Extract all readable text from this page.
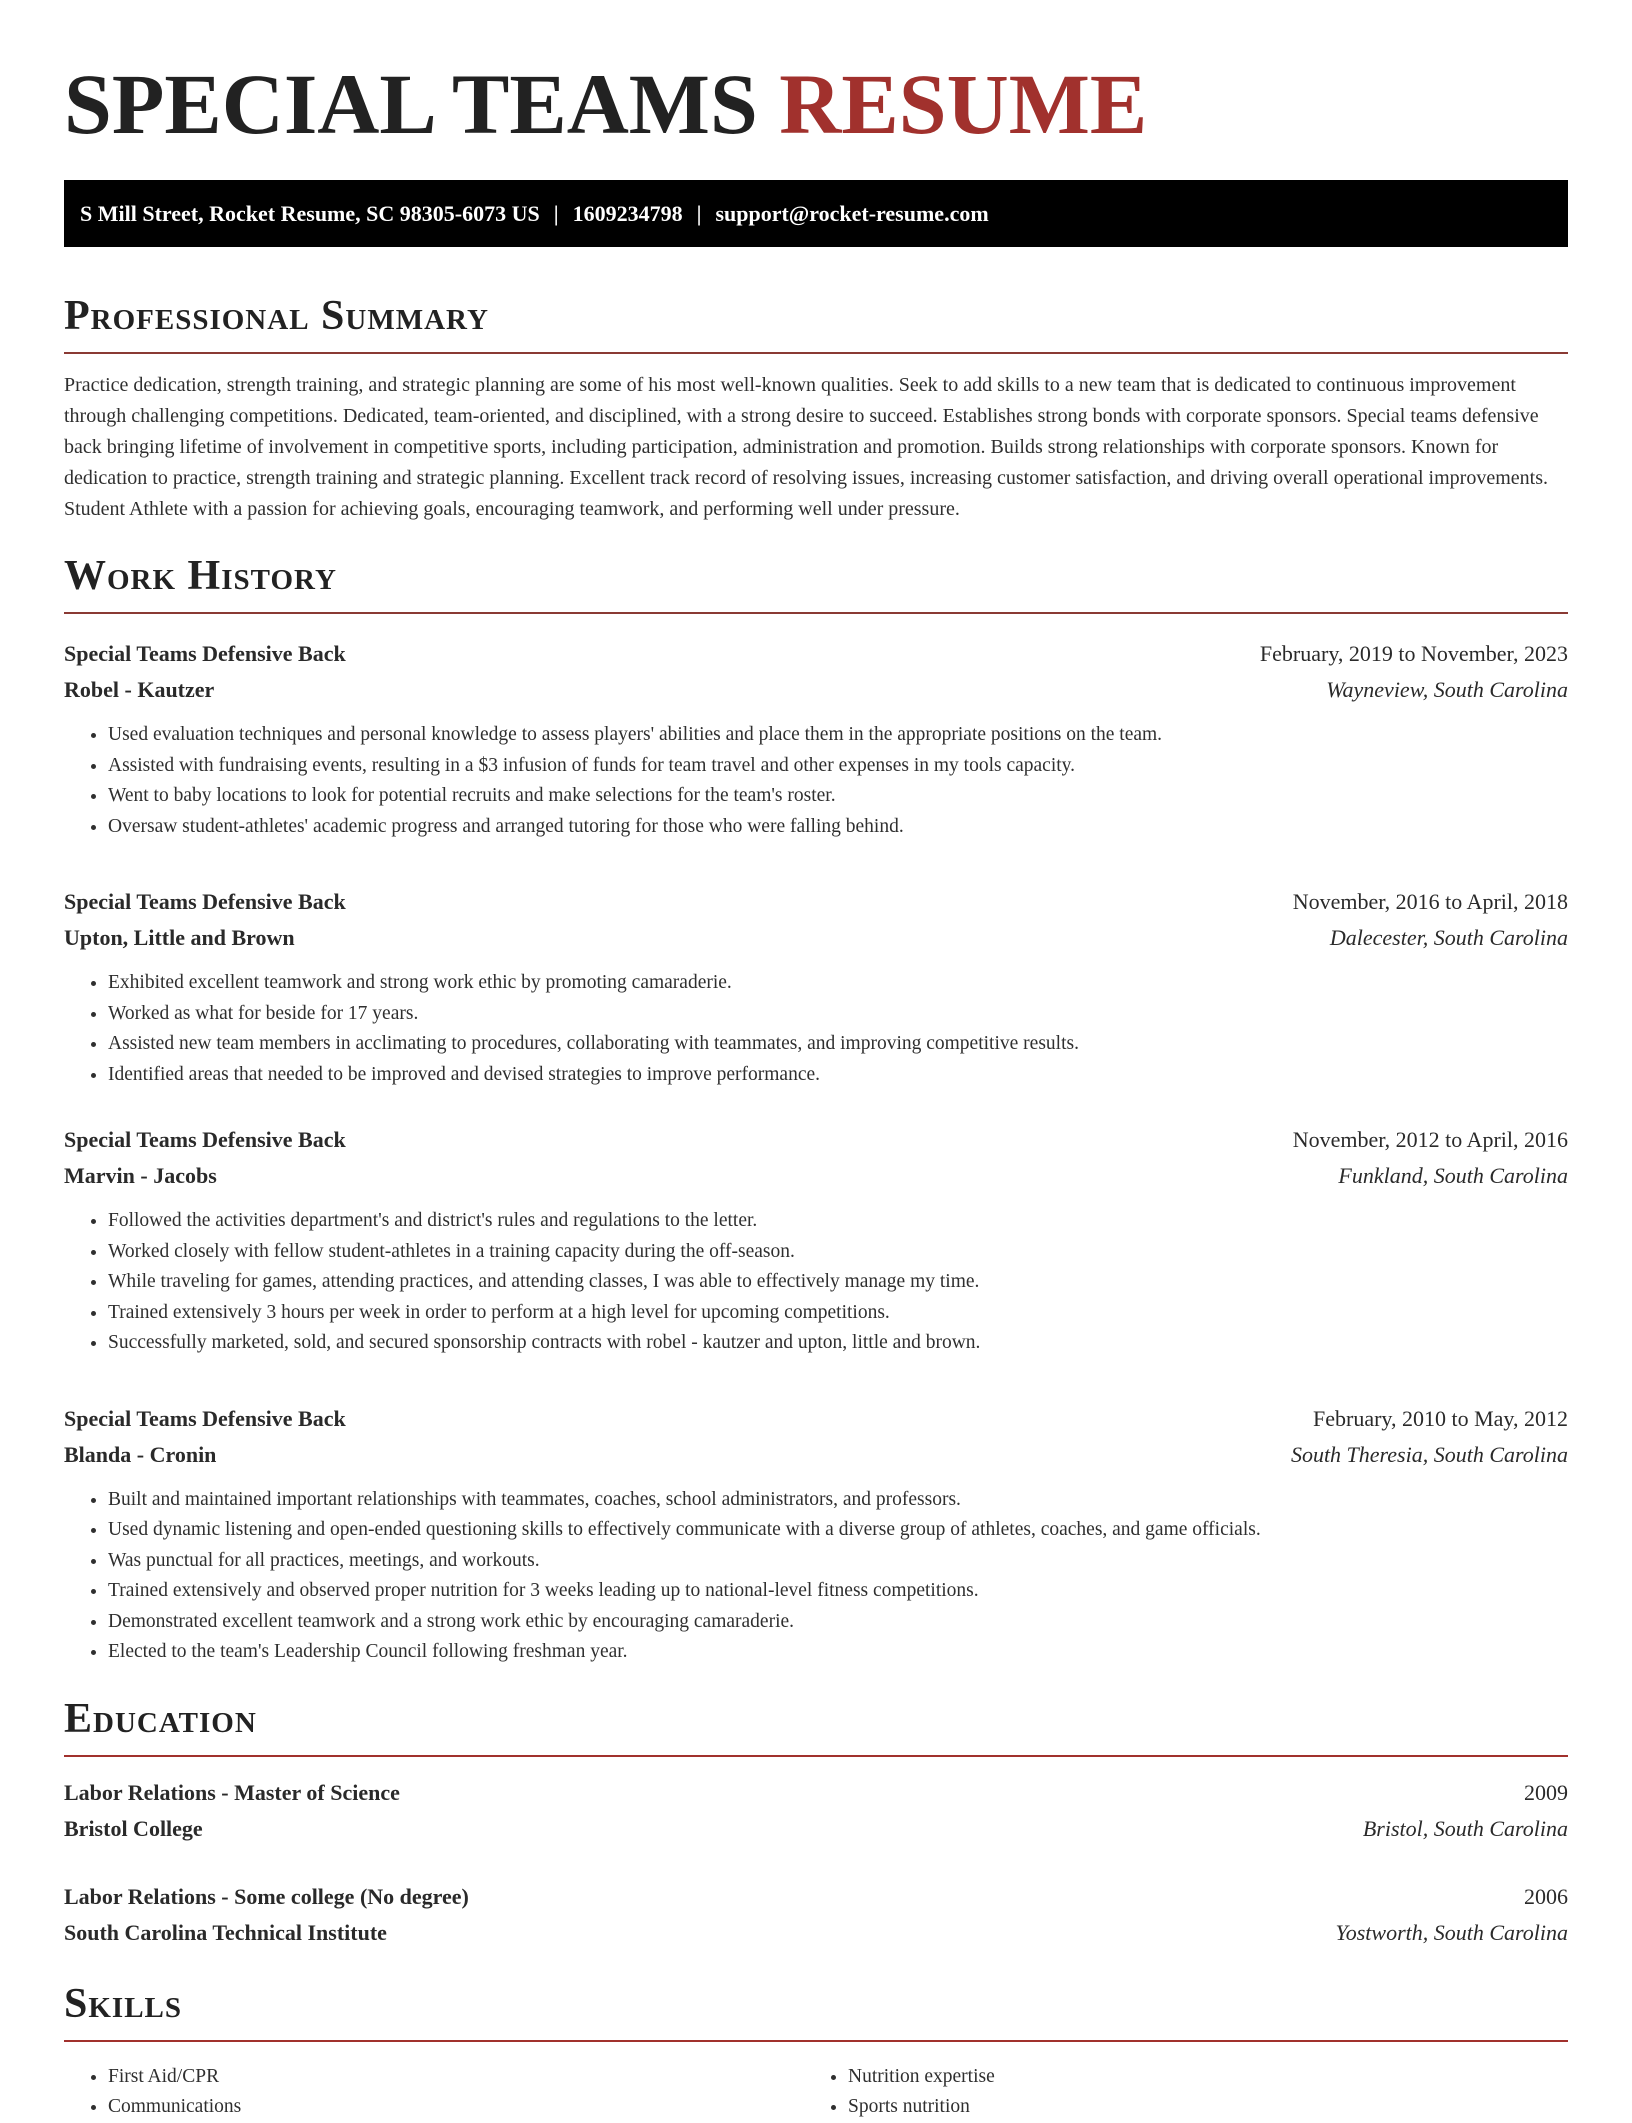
SPECIAL TEAMS RESUME
S Mill Street, Rocket Resume, SC 98305-6073 US | 1609234798 | support@rocket-resume.com
Professional Summary

Practice dedication, strength training, and strategic planning are some of his most well-known qualities. Seek to add skills to a new team that is dedicated to continuous improvement through challenging competitions. Dedicated, team-oriented, and disciplined, with a strong desire to succeed. Establishes strong bonds with corporate sponsors. Special teams defensive back bringing lifetime of involvement in competitive sports, including participation, administration and promotion. Builds strong relationships with corporate sponsors. Known for dedication to practice, strength training and strategic planning. Excellent track record of resolving issues, increasing customer satisfaction, and driving overall operational improvements. Student Athlete with a passion for achieving goals, encouraging teamwork, and performing well under pressure.

Work History
Special Teams Defensive Back	February, 2019 to November, 2023
Robel - Kautzer	Wayneview, South Carolina
• Used evaluation techniques and personal knowledge to assess players' abilities and place them in the appropriate positions on the team.
• Assisted with fundraising events, resulting in a $3 infusion of funds for team travel and other expenses in my tools capacity.
• Went to baby locations to look for potential recruits and make selections for the team's roster.
• Oversaw student-athletes' academic progress and arranged tutoring for those who were falling behind.
Special Teams Defensive Back	November, 2016 to April, 2018
Upton, Little and Brown	Dalecester, South Carolina
• Exhibited excellent teamwork and strong work ethic by promoting camaraderie.
• Worked as what for beside for 17 years.
• Assisted new team members in acclimating to procedures, collaborating with teammates, and improving competitive results.
• Identified areas that needed to be improved and devised strategies to improve performance.
Special Teams Defensive Back	November, 2012 to April, 2016
Marvin - Jacobs	Funkland, South Carolina
• Followed the activities department's and district's rules and regulations to the letter.
• Worked closely with fellow student-athletes in a training capacity during the off-season.
• While traveling for games, attending practices, and attending classes, I was able to effectively manage my time.
• Trained extensively 3 hours per week in order to perform at a high level for upcoming competitions.
• Successfully marketed, sold, and secured sponsorship contracts with robel - kautzer and upton, little and brown.
Special Teams Defensive Back	February, 2010 to May, 2012
Blanda - Cronin	South Theresia, South Carolina
• Built and maintained important relationships with teammates, coaches, school administrators, and professors.
• Used dynamic listening and open-ended questioning skills to effectively communicate with a diverse group of athletes, coaches, and game officials.
• Was punctual for all practices, meetings, and workouts.
• Trained extensively and observed proper nutrition for 3 weeks leading up to national-level fitness competitions.
• Demonstrated excellent teamwork and a strong work ethic by encouraging camaraderie.
• Elected to the team's Leadership Council following freshman year.
Education
Labor Relations - Master of Science	2009
Bristol College	Bristol, South Carolina
Labor Relations - Some college (No degree)	2006
South Carolina Technical Institute	Yostworth, South Carolina
Skills
• First Aid/CPR
• Communications
• Nutrition expertise
• Sports nutrition
